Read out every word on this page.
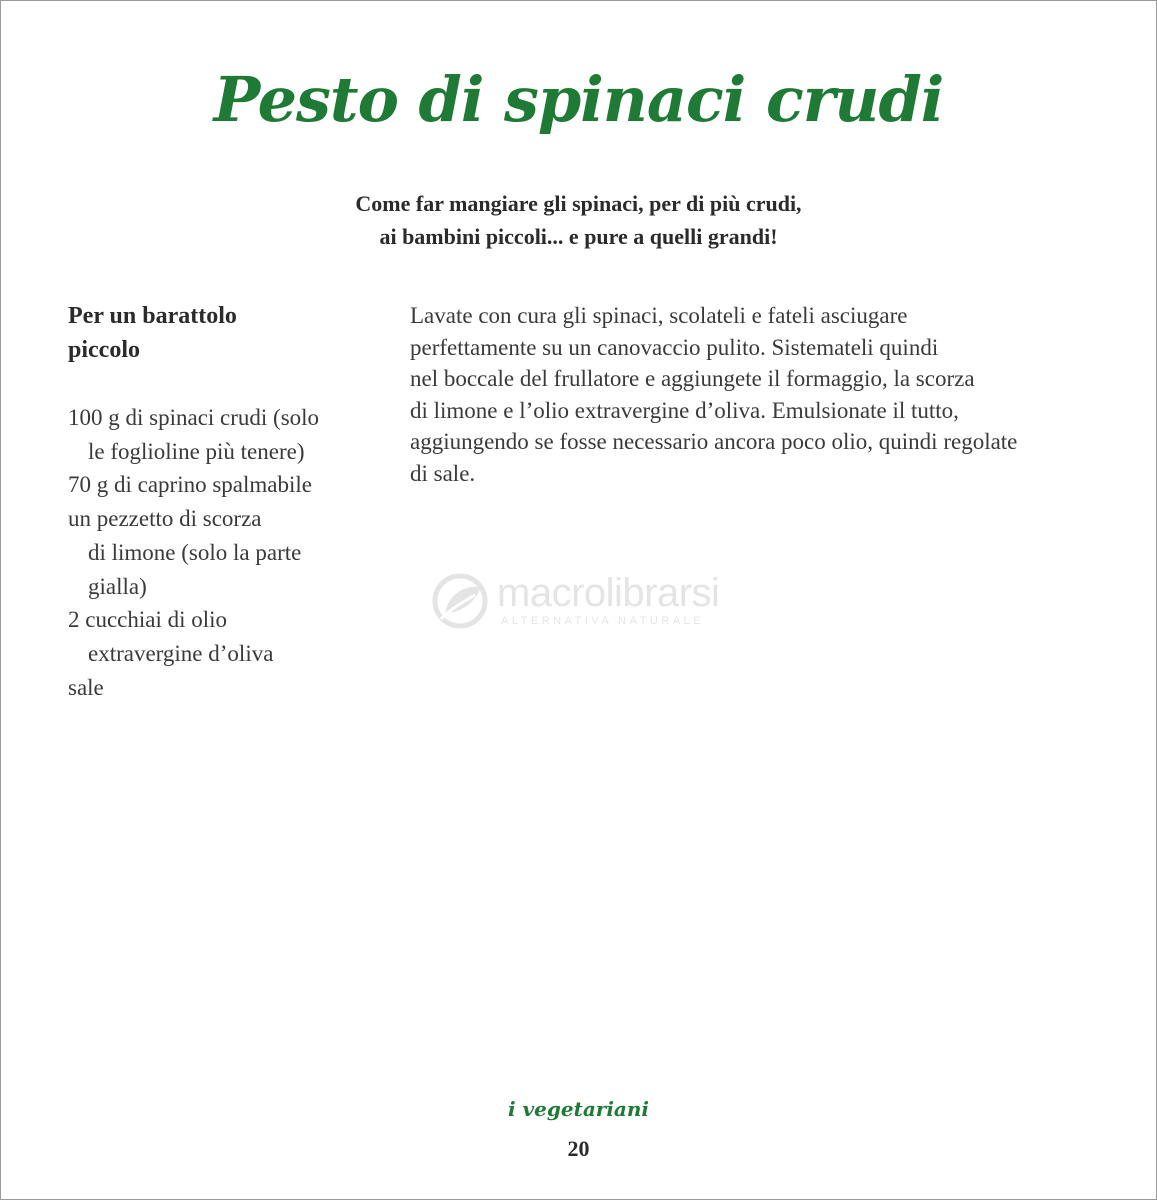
Pesto di spinaci crudi
Come far mangiare gli spinaci, per di più crudi,
ai bambini piccoli... e pure a quelli grandi!
Per un barattolo
piccolo
100 g di spinaci crudi (solo
le foglioline più tenere)
70 g di caprino spalmabile
un pezzetto di scorza
di limone (solo la parte
gialla)
2 cucchiai di olio
extravergine d’oliva
sale
Lavate con cura gli spinaci, scolateli e fateli asciugare
perfettamente su un canovaccio pulito. Sistemateli quindi
nel boccale del frullatore e aggiungete il formaggio, la scorza
di limone e l’olio extravergine d’oliva. Emulsionate il tutto,
aggiungendo se fosse necessario ancora poco olio, quindi regolate
di sale.
macrolibrarsi
ALTERNATIVA NATURALE
i vegetariani
20
